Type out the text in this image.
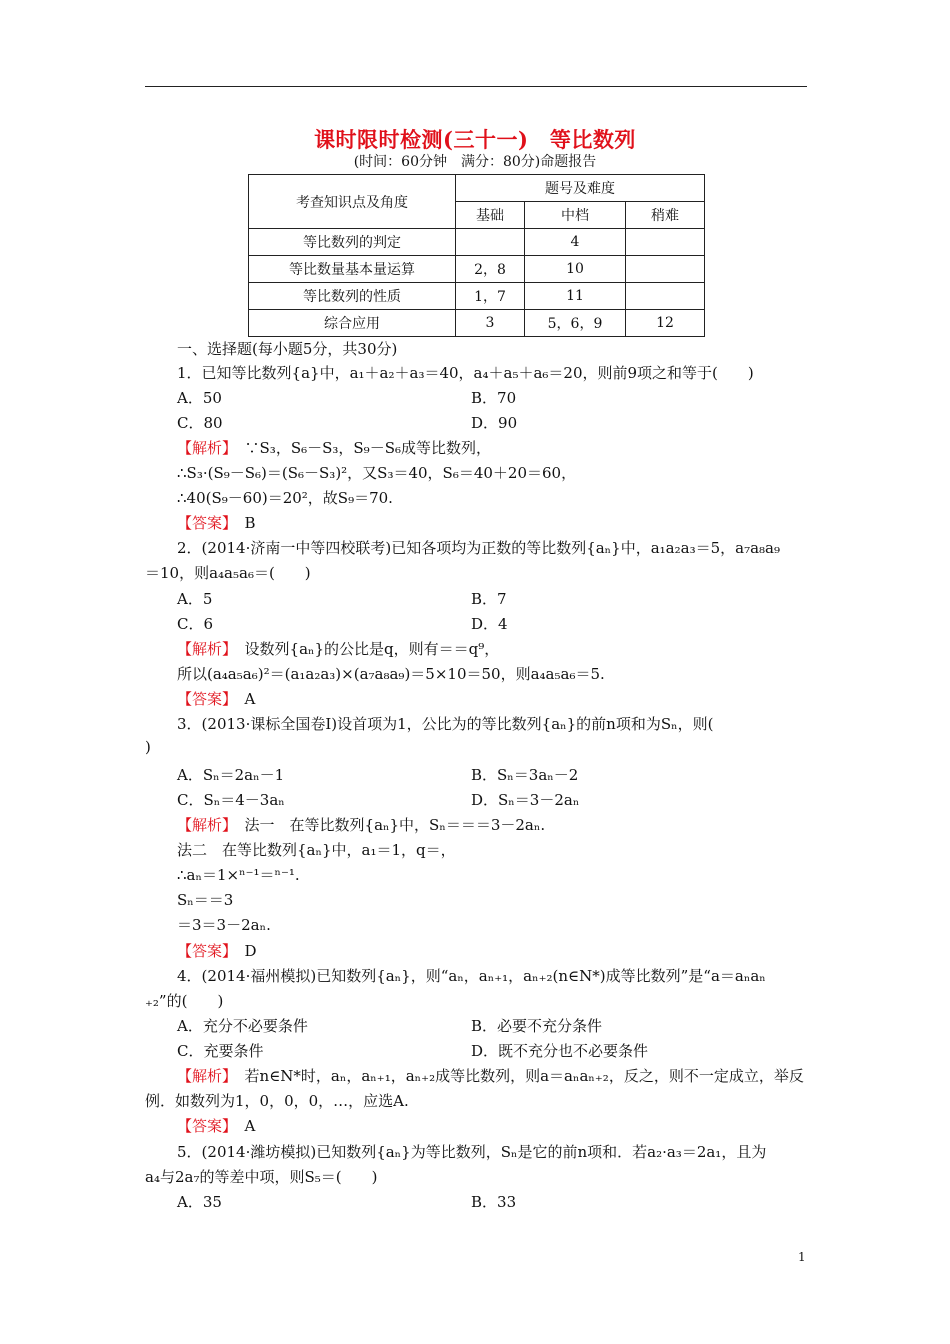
课时限时检测(三十一)　等比数列
(时间：60分钟　满分：80分)命题报告
考查知识点及角度	题号及难度		
	基础	中档	稍难
等比数列的判定		4	
等比数量基本量运算	2，8	10	
等比数列的性质	1，7	11	
综合应用	3	5，6，9	12
一、选择题(每小题5分，共30分)
1．已知等比数列{a}中，a₁＋a₂＋a₃＝40，a₄＋a₅＋a₆＝20，则前9项之和等于(　　)
A．50	B．70
C．80	D．90
【解析】　 ∵S₃，S₆－S₃，S₉－S₆成等比数列，
∴S₃·(S₉－S₆)＝(S₆－S₃)²，又S₃＝40，S₆＝40＋20＝60，
∴40(S₉－60)＝20²，故S₉＝70.
【答案】　 B
2．(2014·济南一中等四校联考)已知各项均为正数的等比数列{aₙ}中，a₁a₂a₃＝5，a₇a₈a₉
＝10，则a₄a₅a₆＝(　　)
A．5	B．7
C．6	D．4
【解析】　 设数列{aₙ}的公比是q，则有＝＝q⁹，
所以(a₄a₅a₆)²＝(a₁a₂a₃)×(a₇a₈a₉)＝5×10＝50，则a₄a₅a₆＝5.
【答案】　 A
3．(2013·课标全国卷Ⅰ)设首项为1，公比为的等比数列{aₙ}的前n项和为Sₙ，则(
)
A．Sₙ＝2aₙ－1	B．Sₙ＝3aₙ－2
C．Sₙ＝4－3aₙ	D．Sₙ＝3－2aₙ
【解析】　 法一　在等比数列{aₙ}中，Sₙ＝＝＝3－2aₙ.
法二　在等比数列{aₙ}中，a₁＝1，q＝，
∴aₙ＝1×ⁿ⁻¹＝ⁿ⁻¹.
Sₙ＝＝3
＝3＝3－2aₙ.
【答案】　 D
4．(2014·福州模拟)已知数列{aₙ}，则“aₙ，aₙ₊₁，aₙ₊₂(n∈N*)成等比数列”是“a＝aₙaₙ
₊₂”的(　　)
A．充分不必要条件	B．必要不充分条件
C．充要条件	D．既不充分也不必要条件
【解析】　 若n∈N*时，aₙ，aₙ₊₁，aₙ₊₂成等比数列，则a＝aₙaₙ₊₂，反之，则不一定成立，举反
例．如数列为1，0，0，0，…，应选A.
【答案】　 A
5．(2014·潍坊模拟)已知数列{aₙ}为等比数列，Sₙ是它的前n项和．若a₂·a₃＝2a₁，且为
a₄与2a₇的等差中项，则S₅＝(　　)
A．35	B．33
1
